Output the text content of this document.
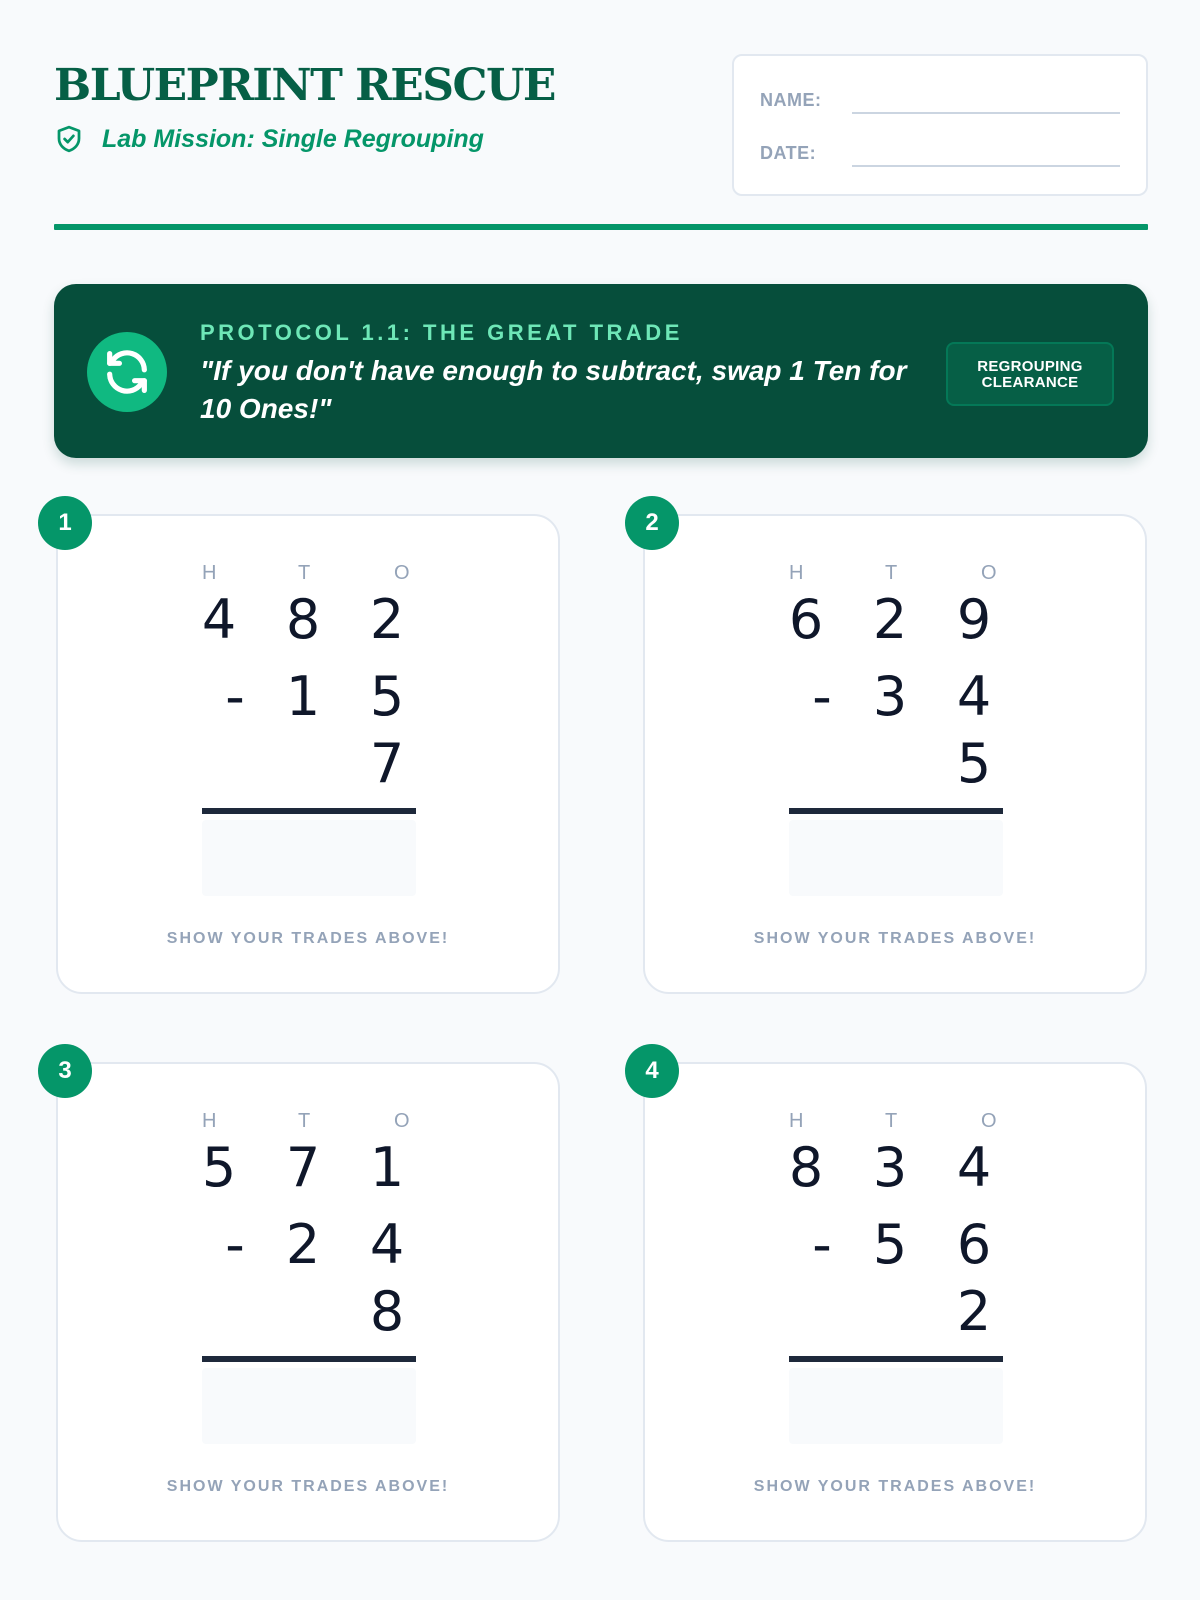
BLUEPRINT RESCUE
Lab Mission: Single Regrouping
NAME:
DATE:
PROTOCOL 1.1: THE GREAT TRADE
"If you don't have enough to subtract, swap 1 Ten for 10 Ones!"
REGROUPING CLEARANCE
1
H	T	O
4 8 2
- 1 5
7
SHOW YOUR TRADES ABOVE!
2
H	T	O
6 2 9
- 3 4
5
SHOW YOUR TRADES ABOVE!
3
H	T	O
5 7 1
- 2 4
8
SHOW YOUR TRADES ABOVE!
4
H	T	O
8 3 4
- 5 6
2
SHOW YOUR TRADES ABOVE!
